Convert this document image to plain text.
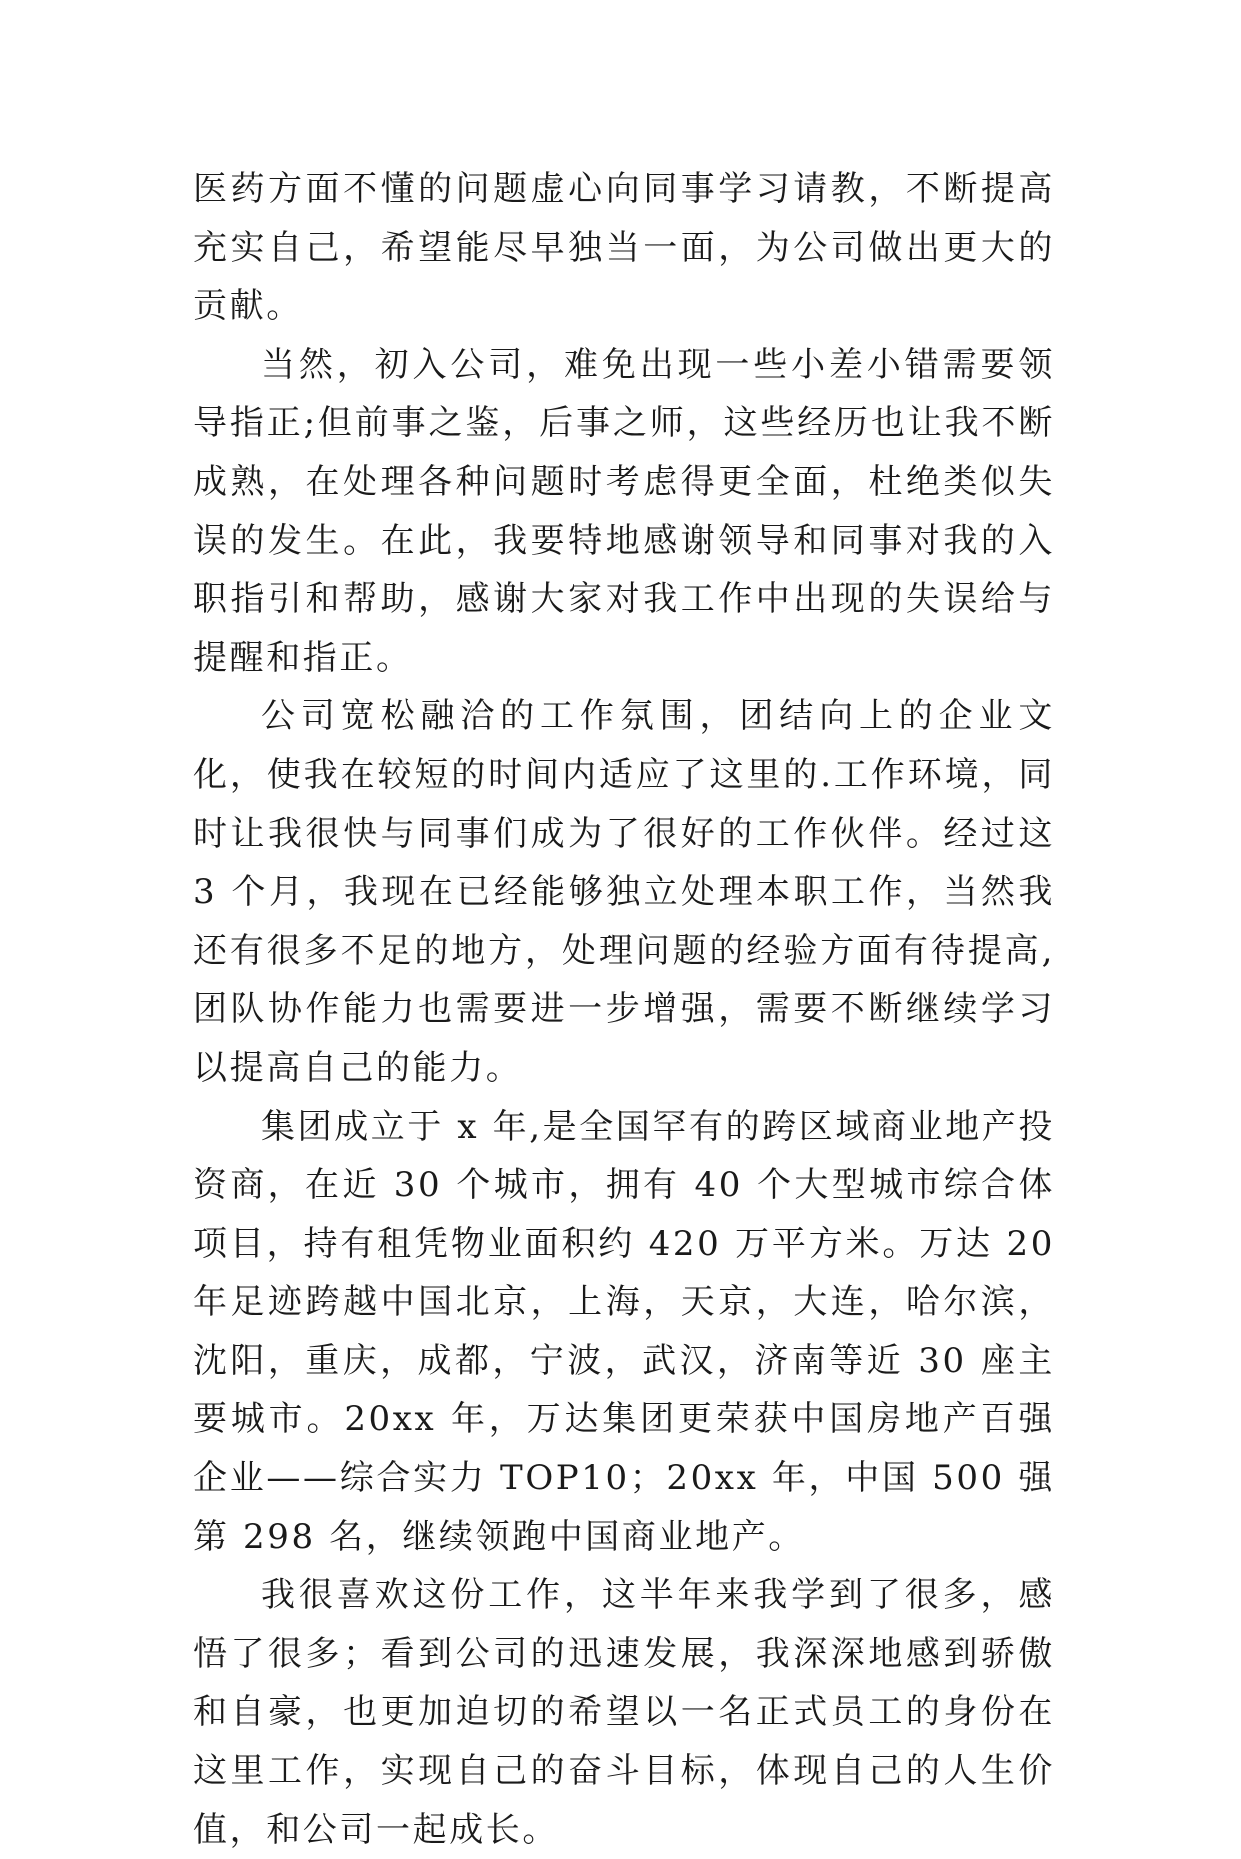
医药方面不懂的问题虚心向同事学习请教，不断提高充实自己，希望能尽早独当一面，为公司做出更大的贡献。

当然，初入公司，难免出现一些小差小错需要领导指正;但前事之鉴，后事之师，这些经历也让我不断成熟，在处理各种问题时考虑得更全面，杜绝类似失误的发生。在此，我要特地感谢领导和同事对我的入职指引和帮助，感谢大家对我工作中出现的失误给与提醒和指正。

公司宽松融洽的工作氛围，团结向上的企业文化，使我在较短的时间内适应了这里的.工作环境，同时让我很快与同事们成为了很好的工作伙伴。经过这 3 个月，我现在已经能够独立处理本职工作，当然我还有很多不足的地方，处理问题的经验方面有待提高,团队协作能力也需要进一步增强，需要不断继续学习以提高自己的能力。

集团成立于 x 年,是全国罕有的跨区域商业地产投资商，在近 30 个城市，拥有 40 个大型城市综合体项目，持有租凭物业面积约 420 万平方米。万达 20 年足迹跨越中国北京，上海，天京，大连，哈尔滨，沈阳，重庆，成都，宁波，武汉，济南等近 30 座主要城市。20xx 年，万达集团更荣获中国房地产百强企业——综合实力 TOP10；20xx 年，中国 500 强第 298 名，继续领跑中国商业地产。

我很喜欢这份工作，这半年来我学到了很多，感悟了很多；看到公司的迅速发展，我深深地感到骄傲和自豪，也更加迫切的希望以一名正式员工的身份在这里工作，实现自己的奋斗目标，体现自己的人生价值，和公司一起成长。
